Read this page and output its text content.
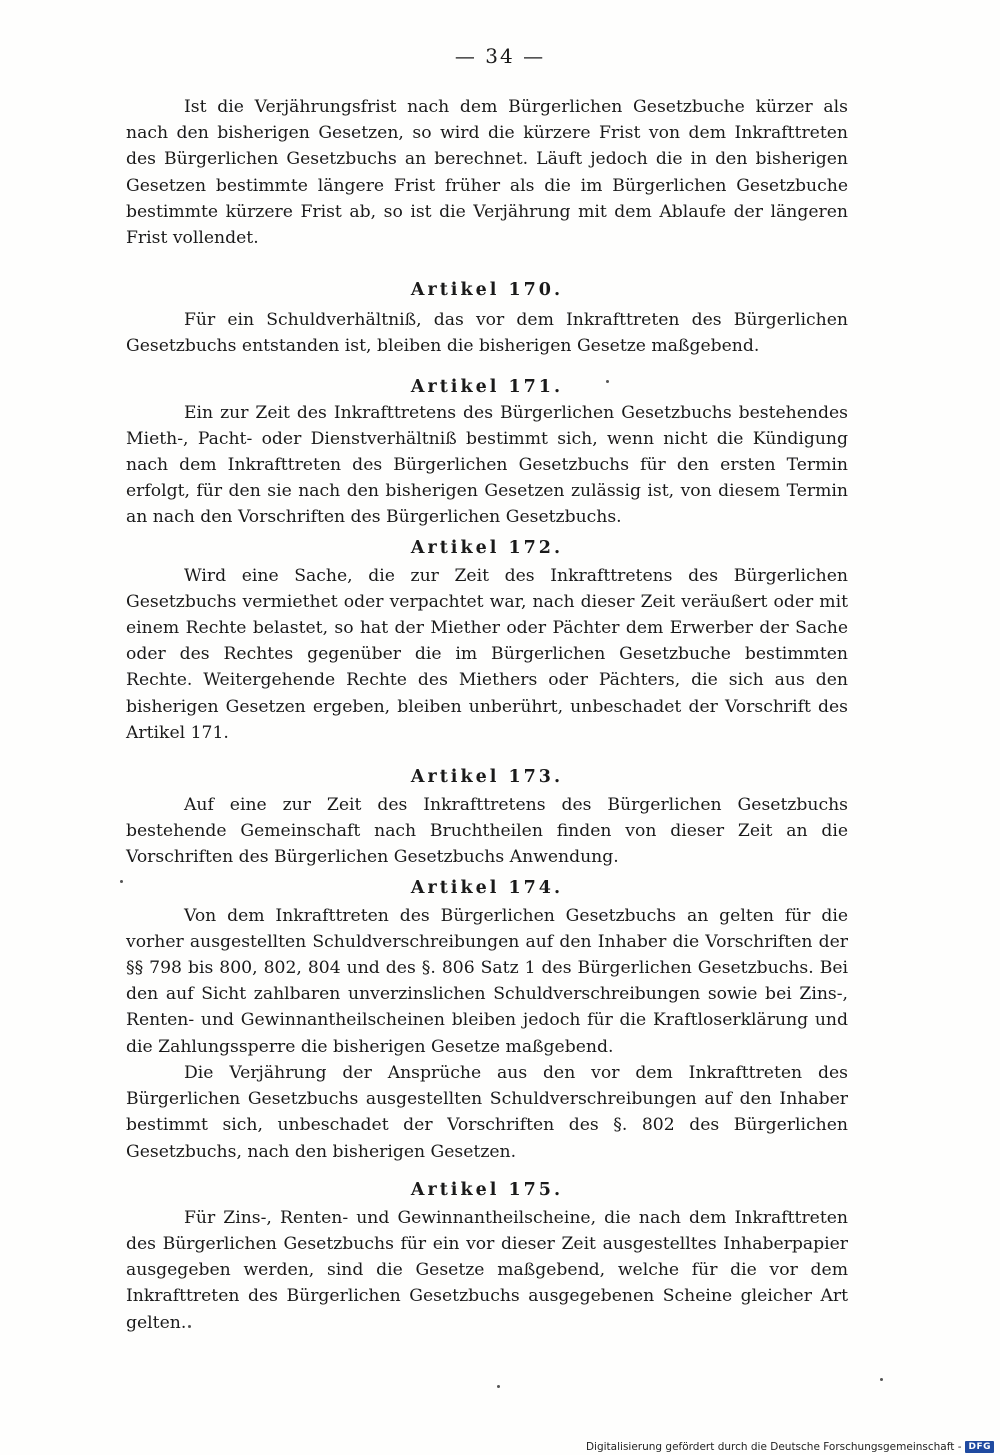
— 34 —

Ist die Verjährungsfrist nach dem Bürgerlichen Gesetzbuche kürzer als nach den bisherigen Gesetzen, so wird die kürzere Frist von dem Inkrafttreten des Bürgerlichen Gesetzbuchs an berechnet. Läuft jedoch die in den bisherigen Gesetzen bestimmte längere Frist früher als die im Bürgerlichen Gesetzbuche bestimmte kürzere Frist ab, so ist die Verjährung mit dem Ablaufe der längeren Frist vollendet.

Artikel 170.

Für ein Schuldverhältniß, das vor dem Inkrafttreten des Bürgerlichen Gesetzbuchs entstanden ist, bleiben die bisherigen Gesetze maßgebend.

Artikel 171.

Ein zur Zeit des Inkrafttretens des Bürgerlichen Gesetzbuchs bestehendes Mieth-, Pacht- oder Dienstverhältniß bestimmt sich, wenn nicht die Kündigung nach dem Inkrafttreten des Bürgerlichen Gesetzbuchs für den ersten Termin erfolgt, für den sie nach den bisherigen Gesetzen zulässig ist, von diesem Termin an nach den Vorschriften des Bürgerlichen Gesetzbuchs.

Artikel 172.

Wird eine Sache, die zur Zeit des Inkrafttretens des Bürgerlichen Gesetzbuchs vermiethet oder verpachtet war, nach dieser Zeit veräußert oder mit einem Rechte belastet, so hat der Miether oder Pächter dem Erwerber der Sache oder des Rechtes gegenüber die im Bürgerlichen Gesetzbuche bestimmten Rechte. Weitergehende Rechte des Miethers oder Pächters, die sich aus den bisherigen Gesetzen ergeben, bleiben unberührt, unbeschadet der Vorschrift des Artikel 171.

Artikel 173.

Auf eine zur Zeit des Inkrafttretens des Bürgerlichen Gesetzbuchs bestehende Gemeinschaft nach Bruchtheilen finden von dieser Zeit an die Vorschriften des Bürgerlichen Gesetzbuchs Anwendung.

Artikel 174.

Von dem Inkrafttreten des Bürgerlichen Gesetzbuchs an gelten für die vorher ausgestellten Schuldverschreibungen auf den Inhaber die Vorschriften der §§ 798 bis 800, 802, 804 und des §. 806 Satz 1 des Bürgerlichen Gesetzbuchs. Bei den auf Sicht zahlbaren unverzinslichen Schuldverschreibungen sowie bei Zins-, Renten- und Gewinnantheilscheinen bleiben jedoch für die Kraftloserklärung und die Zahlungssperre die bisherigen Gesetze maßgebend.

Die Verjährung der Ansprüche aus den vor dem Inkrafttreten des Bürgerlichen Gesetzbuchs ausgestellten Schuldverschreibungen auf den Inhaber bestimmt sich, unbeschadet der Vorschriften des §. 802 des Bürgerlichen Gesetzbuchs, nach den bisherigen Gesetzen.

Artikel 175.

Für Zins-, Renten- und Gewinnantheilscheine, die nach dem Inkrafttreten des Bürgerlichen Gesetzbuchs für ein vor dieser Zeit ausgestelltes Inhaberpapier ausgegeben werden, sind die Gesetze maßgebend, welche für die vor dem Inkrafttreten des Bürgerlichen Gesetzbuchs ausgegebenen Scheine gleicher Art gelten.

Digitalisierung gefördert durch die Deutsche Forschungsgemeinschaft - DFG
